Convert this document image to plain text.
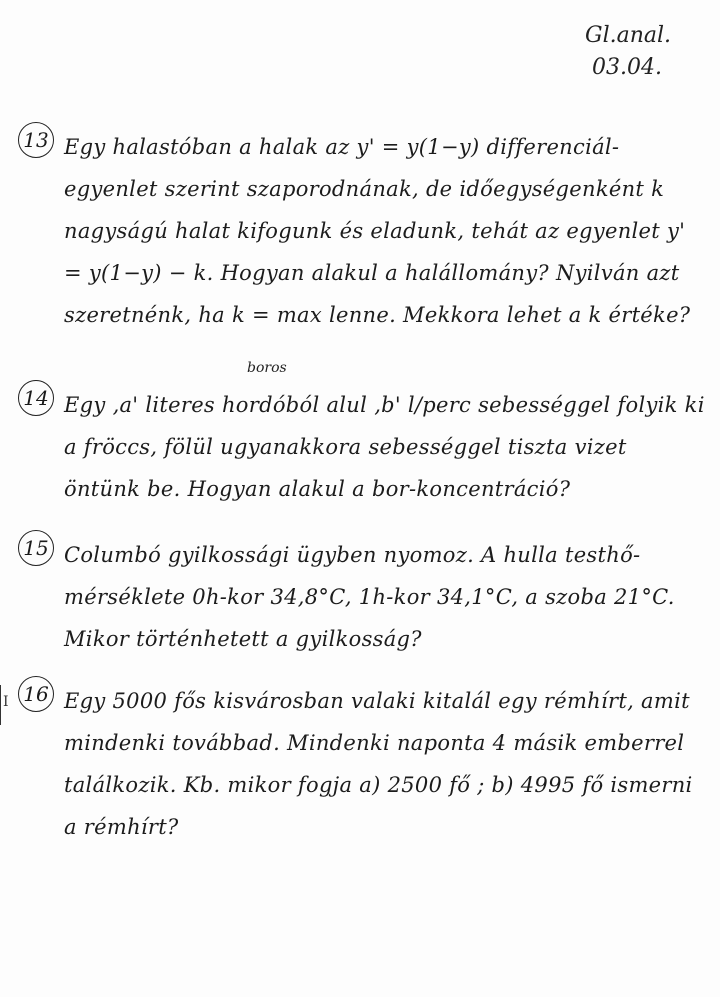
Gl.anal.
03.04.
13 Egy halastóban a halak az y' = y(1−y) differenciál-egyenlet szerint szaporodnának, de időegységenként k nagyságú halat kifogunk és eladunk, tehát az egyenlet y' = y(1−y) − k. Hogyan alakul a halállomány? Nyilván azt szeretnénk, ha k = max lenne. Mekkora lehet a k értéke?
boros
14 Egy ‚a' literes hordóból alul ‚b' l/perc sebességgel folyik ki a fröccs, fölül ugyanakkora sebességgel tiszta vizet öntünk be. Hogyan alakul a bor-koncentráció?
15 Columbó gyilkossági ügyben nyomoz. A hulla testhő-mérséklete 0h-kor 34,8°C, 1h-kor 34,1°C, a szoba 21°C. Mikor történhetett a gyilkosság?
I 16 Egy 5000 fős kisvárosban valaki kitalál egy rémhírt, amit mindenki továbbad. Mindenki naponta 4 másik emberrel találkozik. Kb. mikor fogja a) 2500 fő ; b) 4995 fő ismerni a rémhírt?
